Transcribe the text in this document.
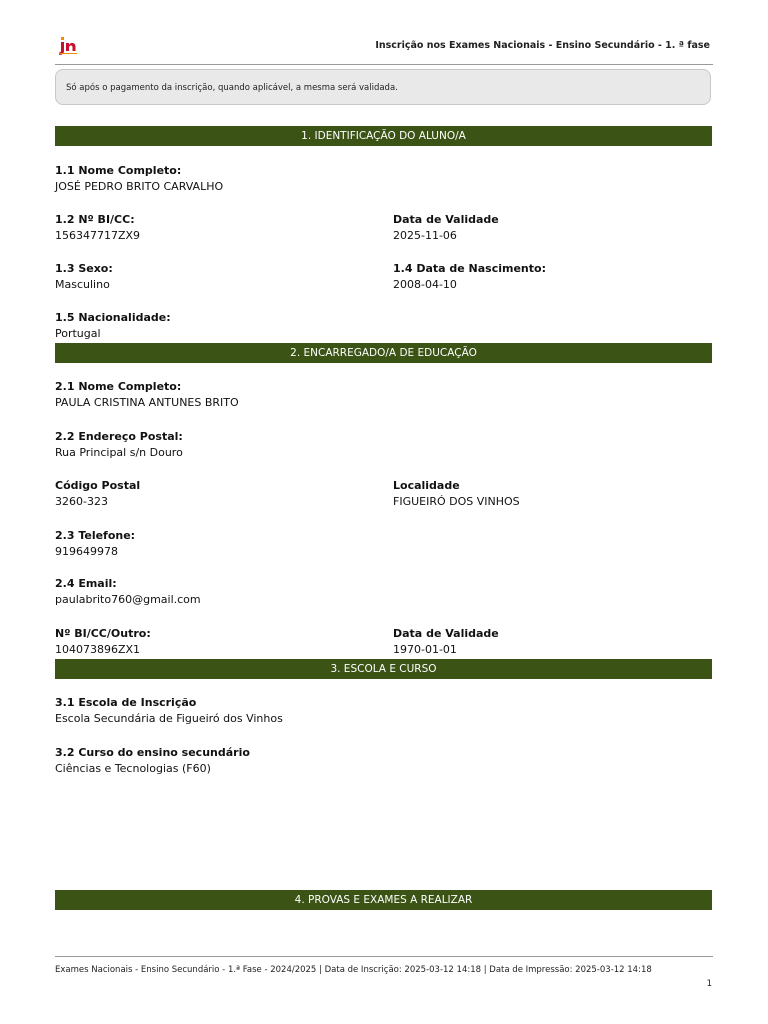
Inscrição nos Exames Nacionais - Ensino Secundário - 1. ª fase
Só após o pagamento da inscrição, quando aplicável, a mesma será validada.
1. IDENTIFICAÇÃO DO ALUNO/A
1.1 Nome Completo:
JOSÉ PEDRO BRITO CARVALHO
1.2 Nº BI/CC:
156347717ZX9
Data de Validade
2025-11-06
1.3 Sexo:
Masculino
1.4 Data de Nascimento:
2008-04-10
1.5 Nacionalidade:
Portugal
2. ENCARREGADO/A DE EDUCAÇÃO
2.1 Nome Completo:
PAULA CRISTINA ANTUNES BRITO
2.2 Endereço Postal:
Rua Principal s/n Douro
Código Postal
3260-323
Localidade
FIGUEIRÓ DOS VINHOS
2.3 Telefone:
919649978
2.4 Email:
paulabrito760@gmail.com
Nº BI/CC/Outro:
104073896ZX1
Data de Validade
1970-01-01
3. ESCOLA E CURSO
3.1 Escola de Inscrição
Escola Secundária de Figueiró dos Vinhos
3.2 Curso do ensino secundário
Ciências e Tecnologias (F60)
4. PROVAS E EXAMES A REALIZAR
Exames Nacionais - Ensino Secundário - 1.ª Fase - 2024/2025 | Data de Inscrição: 2025-03-12 14:18 | Data de Impressão: 2025-03-12 14:18
1
